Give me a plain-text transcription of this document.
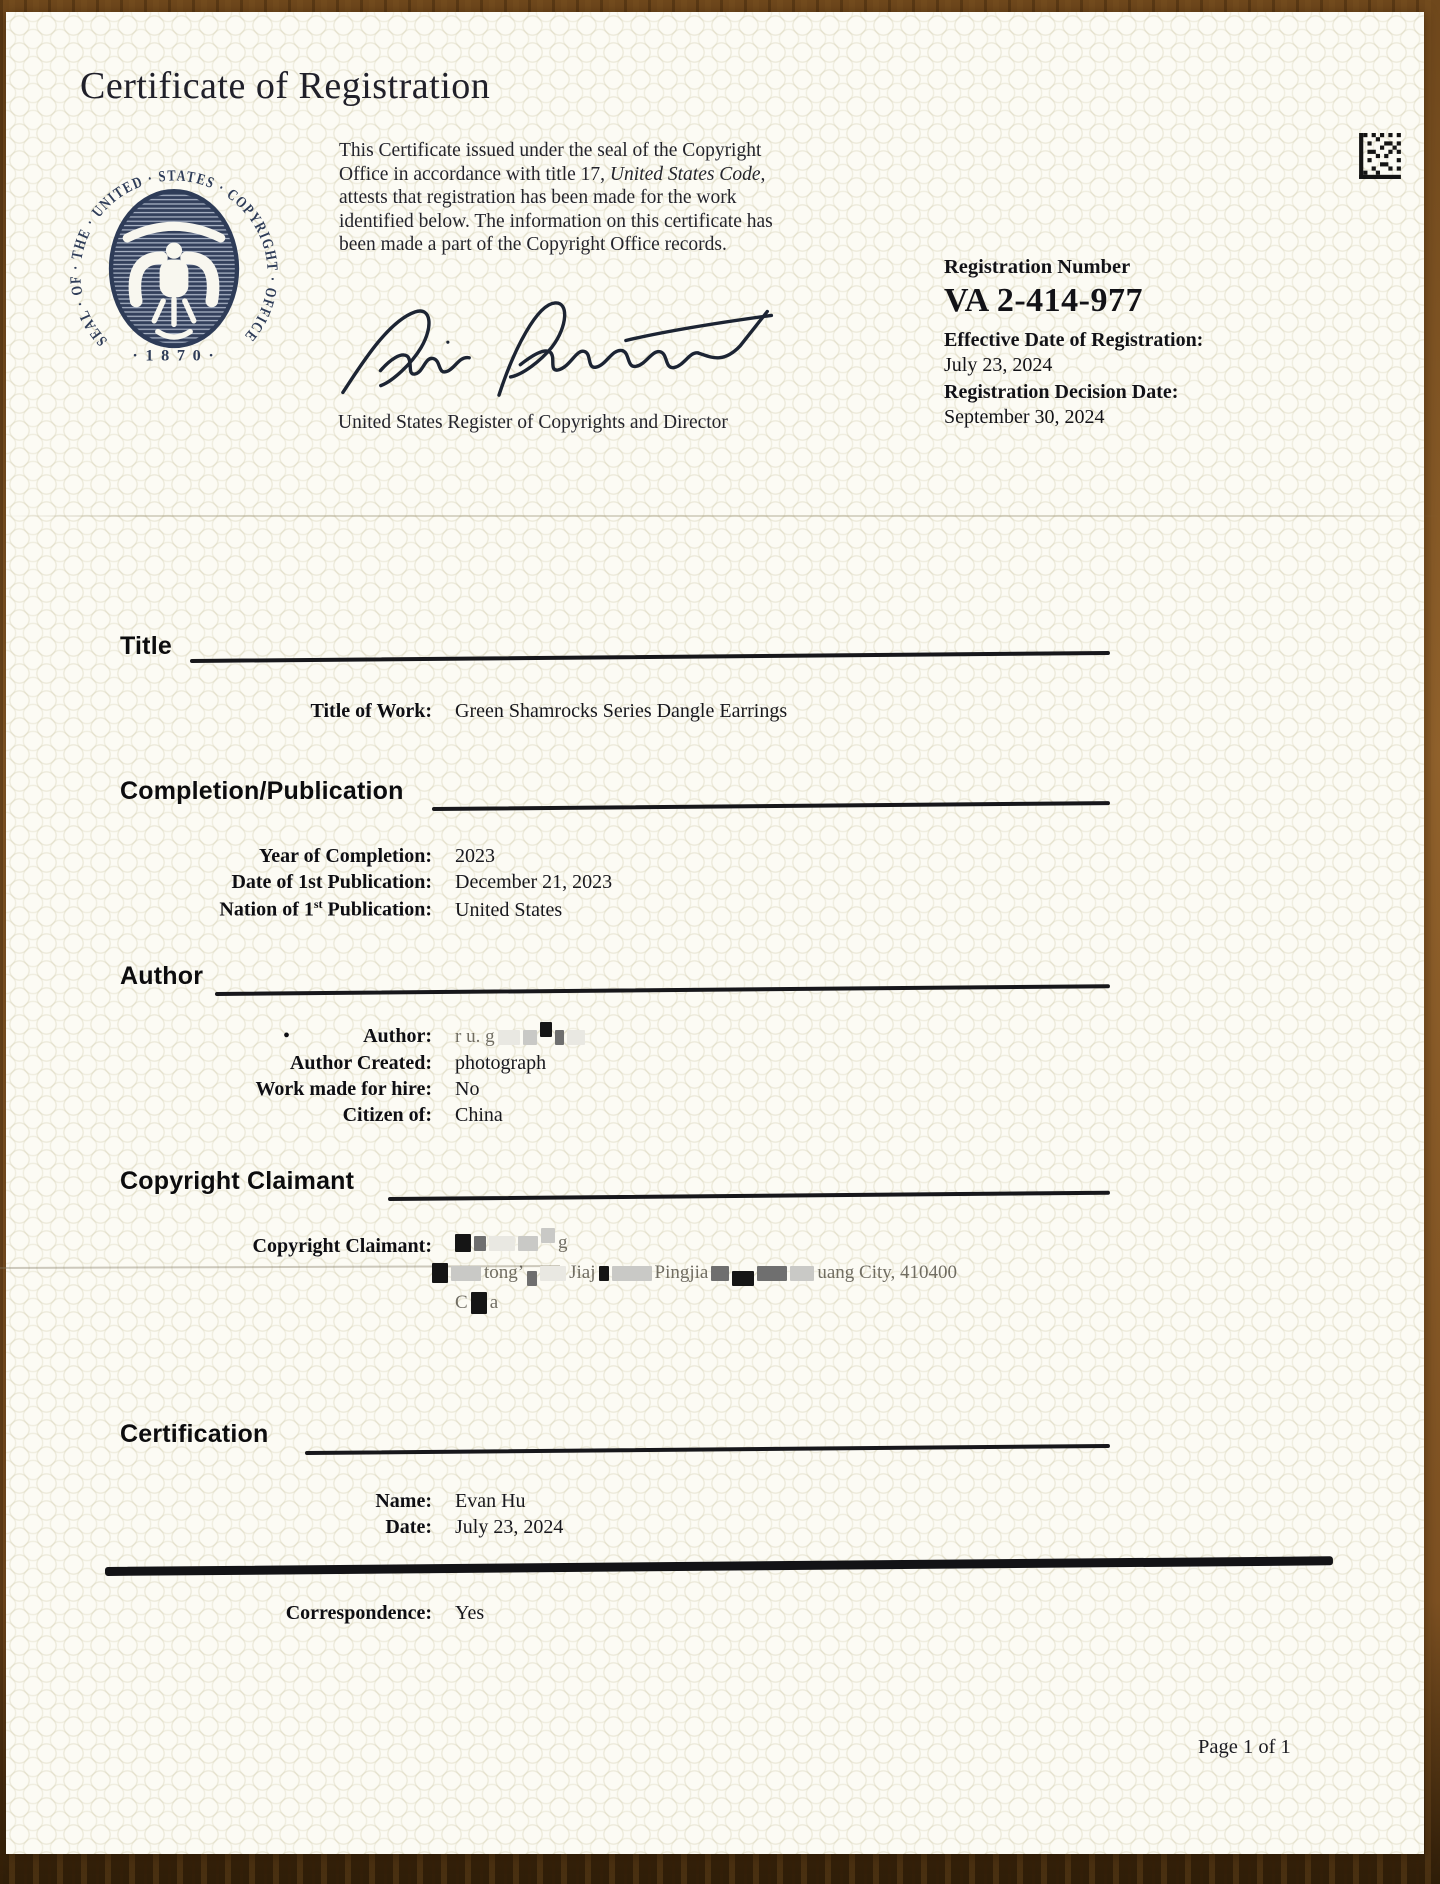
Certificate of Registration
SEAL · OF · THE · UNITED · STATES · COPYRIGHT · OFFICE
· 1 8 7 0 ·
This Certificate issued under the seal of the Copyright Office in accordance with title 17, United States Code, attests that registration has been made for the work identified below. The information on this certificate has been made a part of the Copyright Office records.
United States Register of Copyrights and Director
Registration Number
VA 2-414-977
Effective Date of Registration:
July 23, 2024
Registration Decision Date:
September 30, 2024
Title
Title of Work: Green Shamrocks Series Dangle Earrings
Completion/Publication
Year of Completion: 2023
Date of 1st Publication: December 21, 2023
Nation of 1st Publication: United States
Author
•	Author: r u. g
Author Created: photograph
Work made for hire: No
Citizen of: China
Copyright Claimant
Copyright Claimant:	g
tong’ Jiaj	Pingjia	uang City, 410400
C a
Certification
Name: Evan Hu
Date: July 23, 2024
Correspondence: Yes
Page 1 of 1
